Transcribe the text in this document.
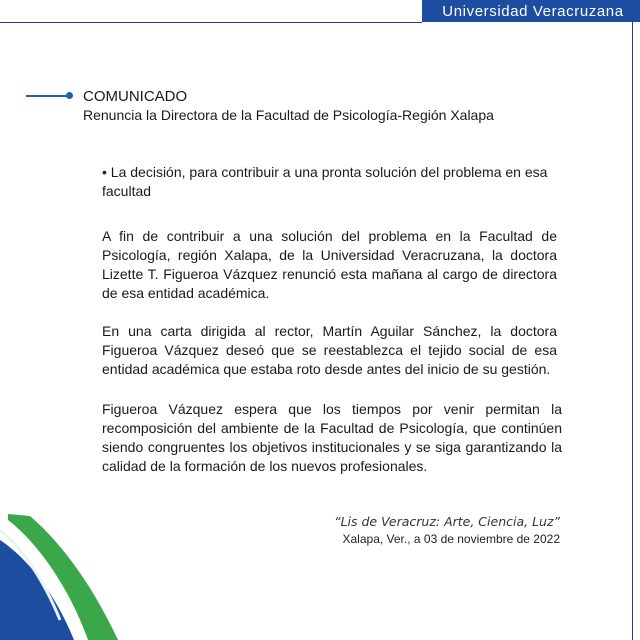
Universidad Veracruzana
COMUNICADO
Renuncia la Directora de la Facultad de Psicología-Región Xalapa
• La decisión, para contribuir a una pronta solución del problema en esa facultad
A fin de contribuir a una solución del problema en la Facultad de Psicología, región Xalapa, de la Universidad Veracruzana, la doctora Lizette T. Figueroa Vázquez renunció esta mañana al cargo de directora de esa entidad académica.
En una carta dirigida al rector, Martín Aguilar Sánchez, la doctora Figueroa Vázquez deseó que se reestablezca el tejido social de esa entidad académica que estaba roto desde antes del inicio de su gestión.
Figueroa Vázquez espera que los tiempos por venir permitan la recomposición del ambiente de la Facultad de Psicología, que continúen siendo congruentes los objetivos institucionales y se siga garantizando la calidad de la formación de los nuevos profesionales.
“Lis de Veracruz: Arte, Ciencia, Luz”
Xalapa, Ver., a 03 de noviembre de 2022
